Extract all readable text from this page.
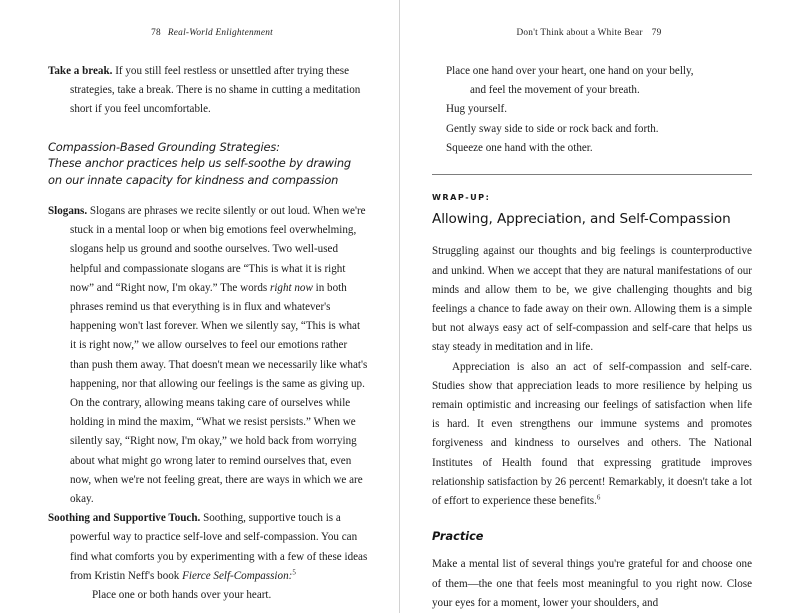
78 Real-World Enlightenment

Take a break. If you still feel restless or unsettled after trying these strategies, take a break. There is no shame in cutting a meditation short if you feel uncomfortable.

Compassion-Based Grounding Strategies:
These anchor practices help us self-soothe by drawing
on our innate capacity for kindness and compassion

Slogans. Slogans are phrases we recite silently or out loud. When we're stuck in a mental loop or when big emotions feel overwhelming, slogans help us ground and soothe ourselves. Two well-used helpful and compassionate slogans are “This is what it is right now” and “Right now, I'm okay.” The words right now in both phrases remind us that everything is in flux and whatever's happening won't last forever. When we silently say, “This is what it is right now,” we allow ourselves to feel our emotions rather than push them away. That doesn't mean we necessarily like what's happening, nor that allowing our feelings is the same as giving up. On the contrary, allowing means taking care of ourselves while holding in mind the maxim, “What we resist persists.” When we silently say, “Right now, I'm okay,” we hold back from worrying about what might go wrong later to remind ourselves that, even now, when we're not feeling great, there are ways in which we are okay.

Soothing and Supportive Touch. Soothing, supportive touch is a powerful way to practice self-love and self-compassion. You can find what comforts you by experimenting with a few of these ideas from Kristin Neff's book Fierce Self-Compassion:$^5$

Place one or both hands over your heart.

Don't Think about a White Bear 79

Place one hand over your heart, one hand on your belly,

and feel the movement of your breath.

Hug yourself.

Gently sway side to side or rock back and forth.

Squeeze one hand with the other.

WRAP-UP:

Allowing, Appreciation, and Self-Compassion

Struggling against our thoughts and big feelings is counterproductive and unkind. When we accept that they are natural manifestations of our minds and allow them to be, we give challenging thoughts and big feelings a chance to fade away on their own. Allowing them is a simple but not always easy act of self-compassion and self-care that helps us stay steady in meditation and in life.

Appreciation is also an act of self-compassion and self-care. Studies show that appreciation leads to more resilience by helping us remain optimistic and increasing our feelings of satisfaction when life is hard. It even strengthens our immune systems and promotes forgiveness and kindness to ourselves and others. The National Institutes of Health found that expressing gratitude improves relationship satisfaction by 26 percent! Remarkably, it doesn't take a lot of effort to experience these benefits.$^6$

Practice

Make a mental list of several things you're grateful for and choose one of them—the one that feels most meaningful to you right now. Close your eyes for a moment, lower your shoulders, and
